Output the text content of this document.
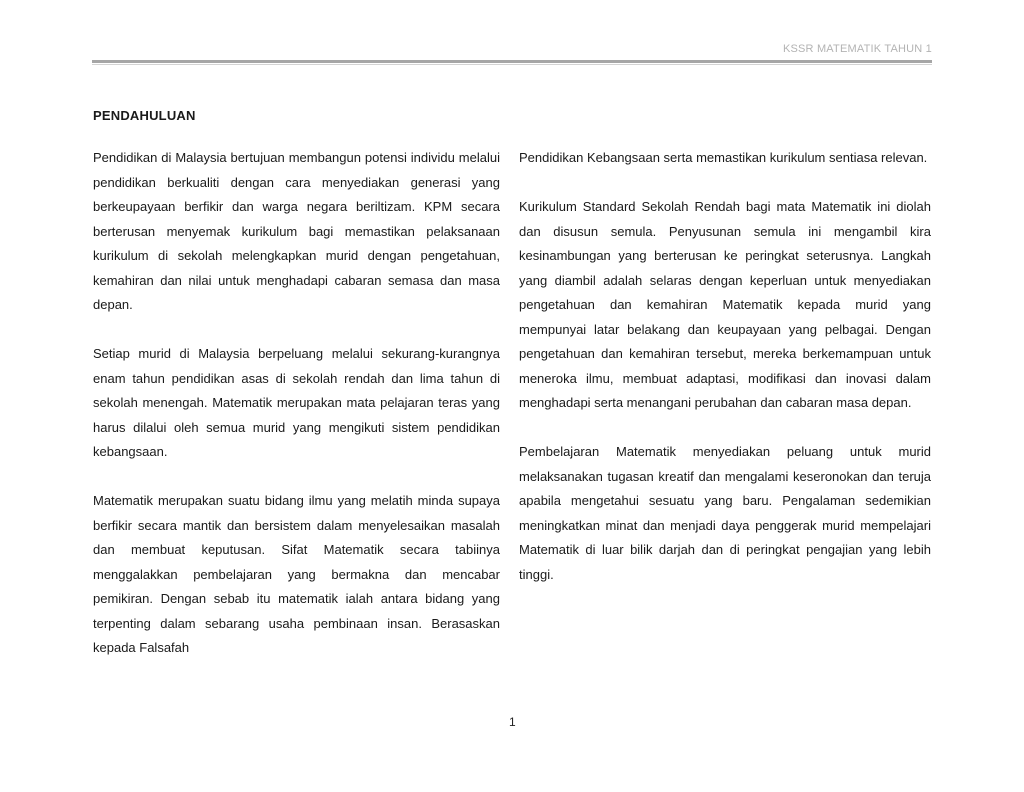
KSSR MATEMATIK TAHUN 1
PENDAHULUAN

Pendidikan di Malaysia bertujuan membangun potensi individu melalui pendidikan berkualiti dengan cara menyediakan generasi yang berkeupayaan berfikir dan warga negara beriltizam. KPM secara berterusan menyemak kurikulum bagi memastikan pelaksanaan kurikulum di sekolah melengkapkan murid dengan pengetahuan, kemahiran dan nilai untuk menghadapi cabaran semasa dan masa depan.

Setiap murid di Malaysia berpeluang melalui sekurang-kurangnya enam tahun pendidikan asas di sekolah rendah dan lima tahun di sekolah menengah. Matematik merupakan mata pelajaran teras yang harus dilalui oleh semua murid yang mengikuti sistem pendidikan kebangsaan.

Matematik merupakan suatu bidang ilmu yang melatih minda supaya berfikir secara mantik dan bersistem dalam menyelesaikan masalah dan membuat keputusan. Sifat Matematik secara tabiinya menggalakkan pembelajaran yang bermakna dan mencabar pemikiran. Dengan sebab itu matematik ialah antara bidang yang terpenting dalam sebarang usaha pembinaan insan. Berasaskan kepada Falsafah

Pendidikan Kebangsaan serta memastikan kurikulum sentiasa relevan.

Kurikulum Standard Sekolah Rendah bagi mata Matematik ini diolah dan disusun semula. Penyusunan semula ini mengambil kira kesinambungan yang berterusan ke peringkat seterusnya. Langkah yang diambil adalah selaras dengan keperluan untuk menyediakan pengetahuan dan kemahiran Matematik kepada murid yang mempunyai latar belakang dan keupayaan yang pelbagai. Dengan pengetahuan dan kemahiran tersebut, mereka berkemampuan untuk meneroka ilmu, membuat adaptasi, modifikasi dan inovasi dalam menghadapi serta menangani perubahan dan cabaran masa depan.

Pembelajaran Matematik menyediakan peluang untuk murid melaksanakan tugasan kreatif dan mengalami keseronokan dan teruja apabila mengetahui sesuatu yang baru. Pengalaman sedemikian meningkatkan minat dan menjadi daya penggerak murid mempelajari Matematik di luar bilik darjah dan di peringkat pengajian yang lebih tinggi.

1
